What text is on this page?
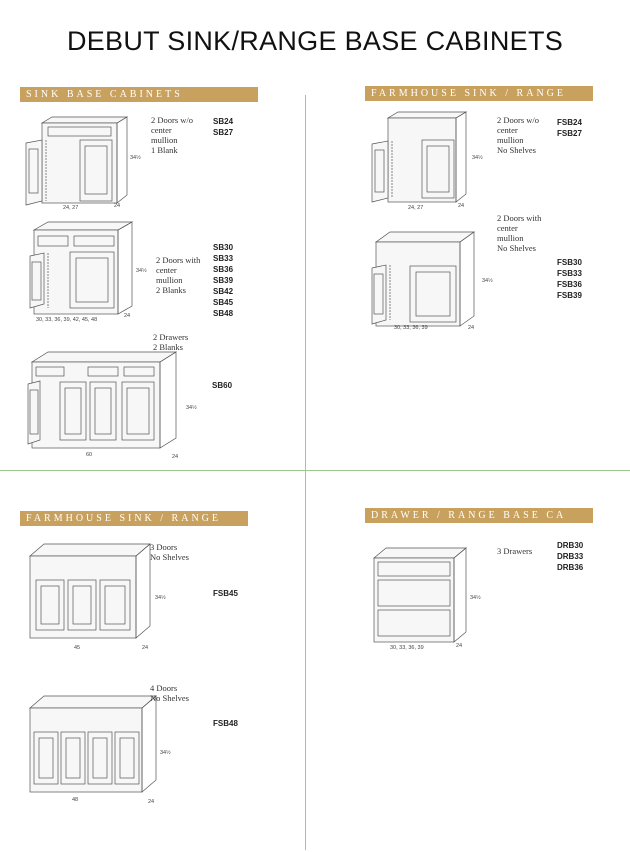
DEBUT SINK/RANGE BASE CABINETS
SINK BASE CABINETS
24, 27	24
34½
2 Doors w/o
center
mullion
1 Blank
SB24
SB27
30, 33, 36, 39, 42, 45, 48
24
34½
2 Doors with
center
mullion
2 Blanks
SB30
SB33
SB36
SB39
SB42
SB45
SB48
60	24
34½
2 Drawers
2 Blanks
SB60
FARMHOUSE SINK / RANGE
24, 27	24
34½
2 Doors w/o
center
mullion
No Shelves
FSB24
FSB27
30, 33, 36, 39	24
34½
2 Doors with
center
mullion
No Shelves
FSB30
FSB33
FSB36
FSB39
FARMHOUSE SINK / RANGE
45	24
34½
3 Doors
No Shelves
FSB45
48	24
34½
4 Doors
No Shelves
FSB48
DRAWER / RANGE BASE CA
30, 33, 36, 39	24
34½
3 Drawers
DRB30
DRB33
DRB36
